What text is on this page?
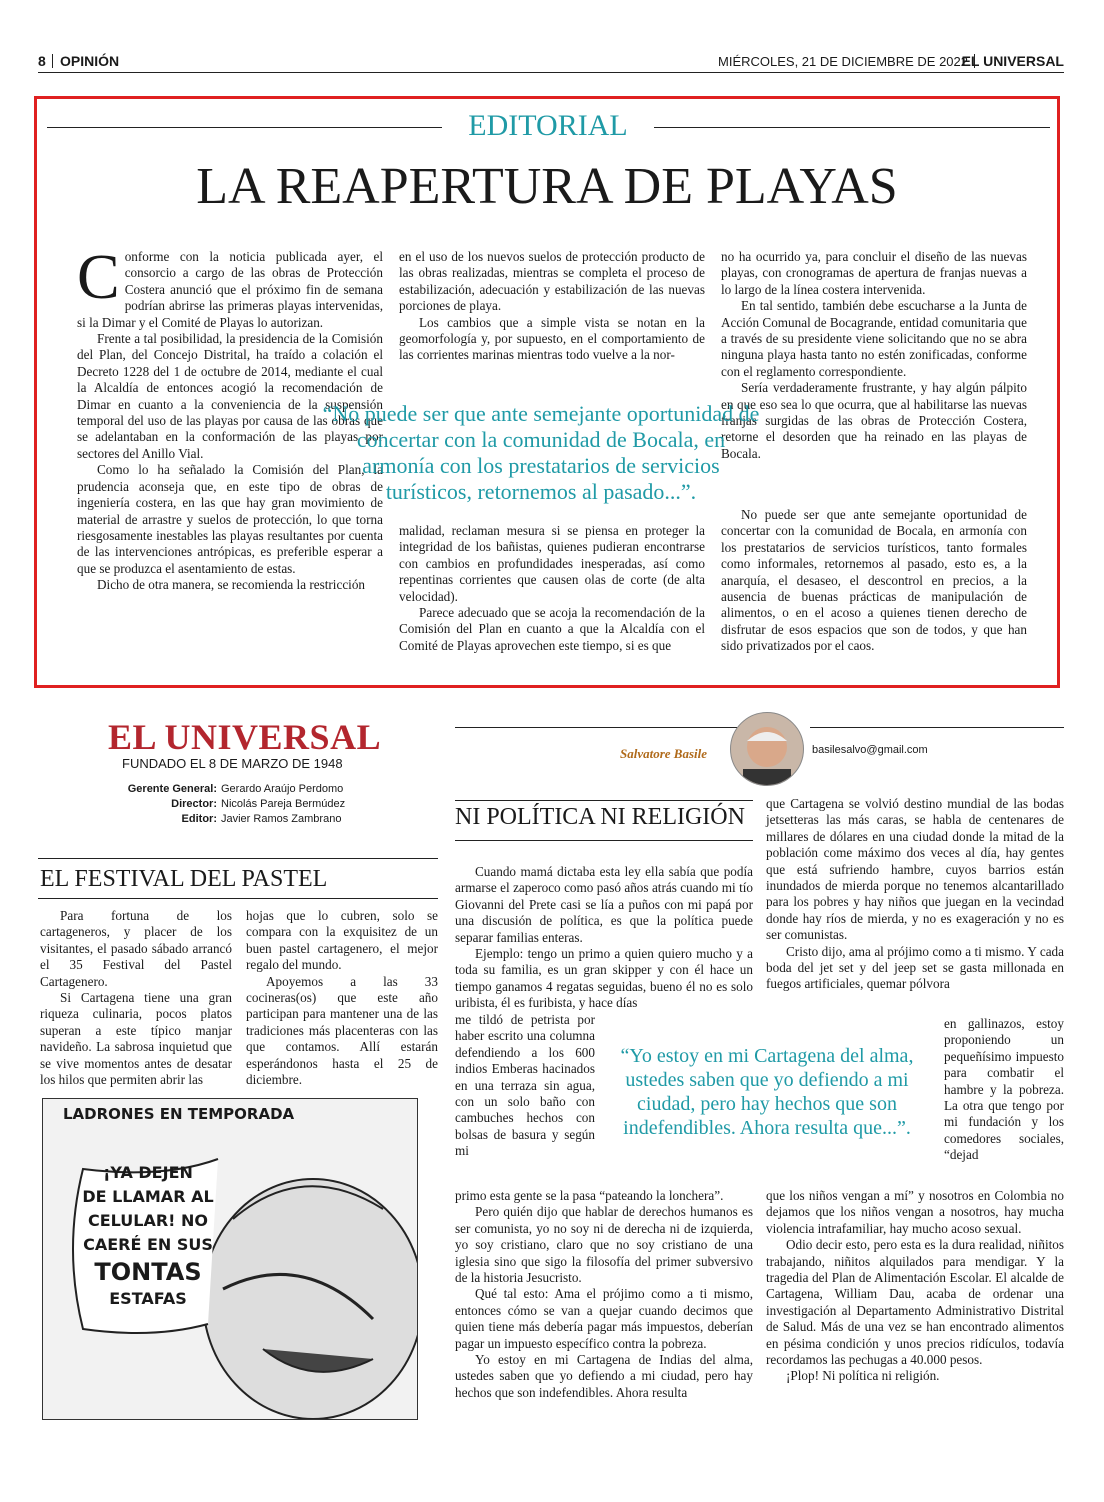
8 OPINIÓN	MIÉRCOLES, 21 DE DICIEMBRE DE 2022
EL UNIVERSAL
EDITORIAL
LA REAPERTURA DE PLAYAS

Conforme con la noticia publicada ayer, el consorcio a cargo de las obras de Protección Costera anunció que el próximo fin de semana podrían abrirse las primeras playas intervenidas, si la Dimar y el Comité de Playas lo autorizan.

Frente a tal posibilidad, la presidencia de la Comisión del Plan, del Concejo Distrital, ha traído a colación el Decreto 1228 del 1 de octubre de 2014, mediante el cual la Alcaldía de entonces acogió la recomendación de Dimar en cuanto a la conveniencia de la suspensión temporal del uso de las playas por causa de las obras que se adelantaban en la conformación de las playas por sectores del Anillo Vial.

Como lo ha señalado la Comisión del Plan, la prudencia aconseja que, en este tipo de obras de ingeniería costera, en las que hay gran movimiento de material de arrastre y suelos de protección, lo que torna riesgosamente inestables las playas resultantes por cuenta de las intervenciones antrópicas, es preferible esperar a que se produzca el asentamiento de estas.

Dicho de otra manera, se recomienda la restricción

en el uso de los nuevos suelos de protección producto de las obras realizadas, mientras se completa el proceso de estabilización, adecuación y estabilización de las nuevas porciones de playa.

Los cambios que a simple vista se notan en la geomorfología y, por supuesto, en el comportamiento de las corrientes marinas mientras todo vuelve a la nor-

no ha ocurrido ya, para concluir el diseño de las nuevas playas, con cronogramas de apertura de franjas nuevas a lo largo de la línea costera intervenida.

En tal sentido, también debe escucharse a la Junta de Acción Comunal de Bocagrande, entidad comunitaria que a través de su presidente viene solicitando que no se abra ninguna playa hasta tanto no estén zonificadas, conforme con el reglamento correspondiente.

Sería verdaderamente frustrante, y hay algún pálpito en que eso sea lo que ocurra, que al habilitarse las nuevas franjas surgidas de las obras de Protección Costera, retorne el desorden que ha reinado en las playas de Bocala.

“No puede ser que ante semejante oportunidad de concertar con la comunidad de Bocala, en armonía con los prestatarios de servicios turísticos, retornemos al pasado...”.

malidad, reclaman mesura si se piensa en proteger la integridad de los bañistas, quienes pudieran encontrarse con cambios en profundidades inesperadas, así como repentinas corrientes que causen olas de corte (de alta velocidad).

Parece adecuado que se acoja la recomendación de la Comisión del Plan en cuanto a que la Alcaldía con el Comité de Playas aprovechen este tiempo, si es que

No puede ser que ante semejante oportunidad de concertar con la comunidad de Bocala, en armonía con los prestatarios de servicios turísticos, tanto formales como informales, retornemos al pasado, esto es, a la anarquía, el desaseo, el descontrol en precios, a la ausencia de buenas prácticas de manipulación de alimentos, o en el acoso a quienes tienen derecho de disfrutar de esos espacios que son de todos, y que han sido privatizados por el caos.

EL UNIVERSAL
FUNDADO EL 8 DE MARZO DE 1948
Gerente General: Gerardo Araújo Perdomo
Director: Nicolás Pareja Bermúdez
Editor: Javier Ramos Zambrano
EL FESTIVAL DEL PASTEL

Para fortuna de los cartageneros, y placer de los visitantes, el pasado sábado arrancó el 35 Festival del Pastel Cartagenero.

Si Cartagena tiene una gran riqueza culinaria, pocos platos superan a este típico manjar navideño. La sabrosa inquietud que se vive momentos antes de desatar los hilos que permiten abrir las

hojas que lo cubren, solo se compara con la exquisitez de un buen pastel cartagenero, el mejor regalo del mundo.

Apoyemos a las 33 cocineras(os) que este año participan para mantener una de las tradiciones más placenteras con las que contamos. Allí estarán esperándonos hasta el 25 de diciembre.

LADRONES EN TEMPORADA
¡YA DEJEN
DE LLAMAR AL
CELULAR! NO
CAERÉ EN SUS
TONTAS
ESTAFAS
Salvatore Basile	basilesalvo@gmail.com
NI POLÍTICA NI RELIGIÓN

Cuando mamá dictaba esta ley ella sabía que podía armarse el zaperoco como pasó años atrás cuando mi tío Giovanni del Prete casi se lía a puños con mi papá por una discusión de política, es que la política puede separar familias enteras.

Ejemplo: tengo un primo a quien quiero mucho y a toda su familia, es un gran skipper y con él hace un tiempo ganamos 4 regatas seguidas, bueno él no es solo uribista, él es furibista, y hace días

me tildó de petrista por haber escrito una columna defendiendo a los 600 indios Emberas hacinados en una terraza sin agua, con un solo baño con cambuches hechos con bolsas de basura y según mi

primo esta gente se la pasa “pateando la lonchera”.

Pero quién dijo que hablar de derechos humanos es ser comunista, yo no soy ni de derecha ni de izquierda, yo soy cristiano, claro que no soy cristiano de una iglesia sino que sigo la filosofía del primer subversivo de la historia Jesucristo.

Qué tal esto: Ama el prójimo como a ti mismo, entonces cómo se van a quejar cuando decimos que quien tiene más debería pagar más impuestos, deberían pagar un impuesto específico contra la pobreza.

Yo estoy en mi Cartagena de Indias del alma, ustedes saben que yo defiendo a mi ciudad, pero hay hechos que son indefendibles. Ahora resulta

que Cartagena se volvió destino mundial de las bodas jetsetteras las más caras, se habla de centenares de millares de dólares en una ciudad donde la mitad de la población come máximo dos veces al día, hay gentes que está sufriendo hambre, cuyos barrios están inundados de mierda porque no tenemos alcantarillado para los pobres y hay niños que juegan en la vecindad donde hay ríos de mierda, y no es exageración y no es ser comunistas.

Cristo dijo, ama al prójimo como a ti mismo. Y cada boda del jet set y del jeep set se gasta millonada en fuegos artificiales, quemar pólvora

en gallinazos, estoy proponiendo un pequeñísimo impuesto para combatir el hambre y la pobreza. La otra que tengo por mi fundación y los comedores sociales, “dejad

que los niños vengan a mí” y nosotros en Colombia no dejamos que los niños vengan a nosotros, hay mucha violencia intrafamiliar, hay mucho acoso sexual.

Odio decir esto, pero esta es la dura realidad, niñitos trabajando, niñitos alquilados para mendigar. Y la tragedia del Plan de Alimentación Escolar. El alcalde de Cartagena, William Dau, acaba de ordenar una investigación al Departamento Administrativo Distrital de Salud. Más de una vez se han encontrado alimentos en pésima condición y unos precios ridículos, todavía recordamos las pechugas a 40.000 pesos.

¡Plop! Ni política ni religión.

“Yo estoy en mi Cartagena del alma, ustedes saben que yo defiendo a mi ciudad, pero hay hechos que son indefendibles. Ahora resulta que...”.
